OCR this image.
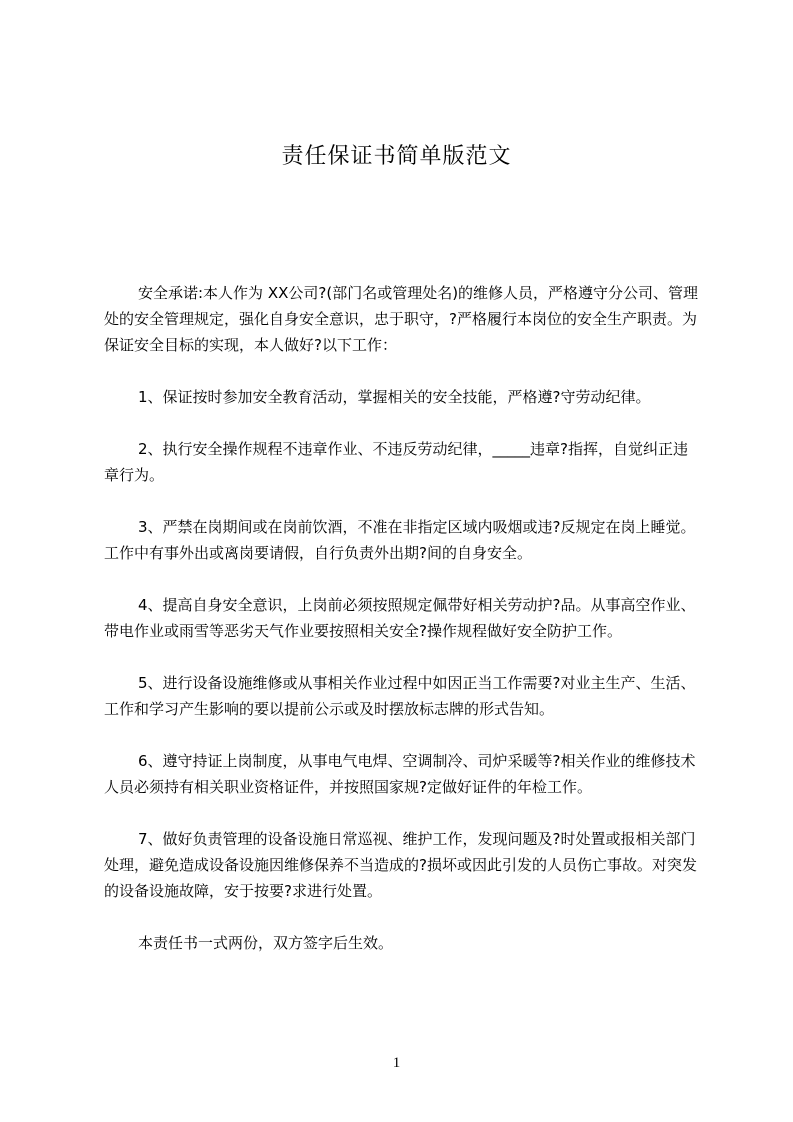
责任保证书简单版范文

安全承诺:本人作为 XX公司?(部门名或管理处名)的维修人员，严格遵守分公司、管理处的安全管理规定，强化自身安全意识，忠于职守，?严格履行本岗位的安全生产职责。为保证安全目标的实现，本人做好?以下工作：

1、保证按时参加安全教育活动，掌握相关的安全技能，严格遵?守劳动纪律。

2、执行安全操作规程不违章作业、不违反劳动纪律，_____违章?指挥，自觉纠正违章行为。

3、严禁在岗期间或在岗前饮酒，不准在非指定区域内吸烟或违?反规定在岗上睡觉。工作中有事外出或离岗要请假，自行负责外出期?间的自身安全。

4、提高自身安全意识，上岗前必须按照规定佩带好相关劳动护?品。从事高空作业、带电作业或雨雪等恶劣天气作业要按照相关安全?操作规程做好安全防护工作。

5、进行设备设施维修或从事相关作业过程中如因正当工作需要?对业主生产、生活、工作和学习产生影响的要以提前公示或及时摆放标志牌的形式告知。

6、遵守持证上岗制度，从事电气电焊、空调制冷、司炉采暖等?相关作业的维修技术人员必须持有相关职业资格证件，并按照国家规?定做好证件的年检工作。

7、做好负责管理的设备设施日常巡视、维护工作，发现问题及?时处置或报相关部门处理，避免造成设备设施因维修保养不当造成的?损坏或因此引发的人员伤亡事故。对突发的设备设施故障，安于按要?求进行处置。

本责任书一式两份，双方签字后生效。

1
